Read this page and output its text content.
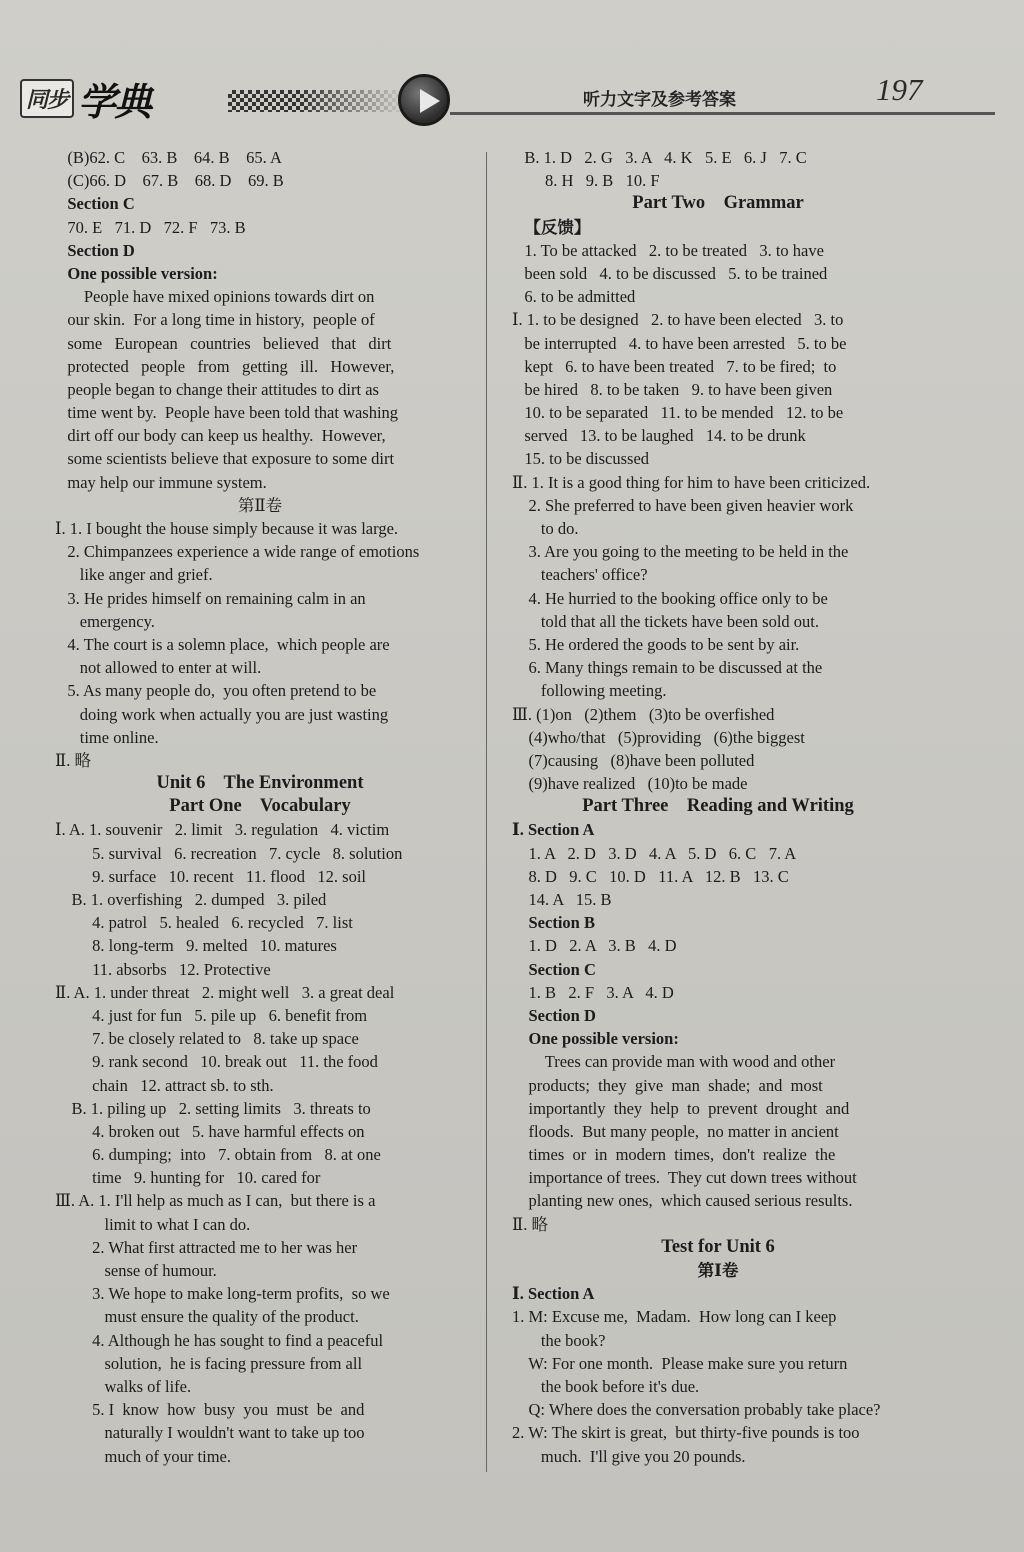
同步 学典	听力文字及参考答案	197
(B)62. C    63. B    64. B    65. A
(C)66. D    67. B    68. D    69. B
Section C
70. E   71. D   72. F   73. B
Section D
One possible version:
People have mixed opinions towards dirt on
our skin.  For a long time in history,  people of
some   European   countries   believed   that   dirt
protected   people   from   getting   ill.   However,
people began to change their attitudes to dirt as
time went by.  People have been told that washing
dirt off our body can keep us healthy.  However,
some scientists believe that exposure to some dirt
may help our immune system.
第Ⅱ卷
Ⅰ. 1. I bought the house simply because it was large.
2. Chimpanzees experience a wide range of emotions
like anger and grief.
3. He prides himself on remaining calm in an
emergency.
4. The court is a solemn place,  which people are
not allowed to enter at will.
5. As many people do,  you often pretend to be
doing work when actually you are just wasting
time online.
Ⅱ. 略
Unit 6    The Environment
Part One    Vocabulary
Ⅰ. A. 1. souvenir   2. limit   3. regulation   4. victim
5. survival   6. recreation   7. cycle   8. solution
9. surface   10. recent   11. flood   12. soil
B. 1. overfishing   2. dumped   3. piled
4. patrol   5. healed   6. recycled   7. list
8. long-term   9. melted   10. matures
11. absorbs   12. Protective
Ⅱ. A. 1. under threat   2. might well   3. a great deal
4. just for fun   5. pile up   6. benefit from
7. be closely related to   8. take up space
9. rank second   10. break out   11. the food
chain   12. attract sb. to sth.
B. 1. piling up   2. setting limits   3. threats to
4. broken out   5. have harmful effects on
6. dumping;  into   7. obtain from   8. at one
time   9. hunting for   10. cared for
Ⅲ. A. 1. I'll help as much as I can,  but there is a
limit to what I can do.
2. What first attracted me to her was her
sense of humour.
3. We hope to make long-term profits,  so we
must ensure the quality of the product.
4. Although he has sought to find a peaceful
solution,  he is facing pressure from all
walks of life.
5. I  know  how  busy  you  must  be  and
naturally I wouldn't want to take up too
much of your time.
B. 1. D   2. G   3. A   4. K   5. E   6. J   7. C
8. H   9. B   10. F
Part Two    Grammar
【反馈】
1. To be attacked   2. to be treated   3. to have
been sold   4. to be discussed   5. to be trained
6. to be admitted
Ⅰ. 1. to be designed   2. to have been elected   3. to
be interrupted   4. to have been arrested   5. to be
kept   6. to have been treated   7. to be fired;  to
be hired   8. to be taken   9. to have been given
10. to be separated   11. to be mended   12. to be
served   13. to be laughed   14. to be drunk
15. to be discussed
Ⅱ. 1. It is a good thing for him to have been criticized.
2. She preferred to have been given heavier work
to do.
3. Are you going to the meeting to be held in the
teachers' office?
4. He hurried to the booking office only to be
told that all the tickets have been sold out.
5. He ordered the goods to be sent by air.
6. Many things remain to be discussed at the
following meeting.
Ⅲ. (1)on   (2)them   (3)to be overfished
(4)who/that   (5)providing   (6)the biggest
(7)causing   (8)have been polluted
(9)have realized   (10)to be made
Part Three    Reading and Writing
Ⅰ. Section A
1. A   2. D   3. D   4. A   5. D   6. C   7. A
8. D   9. C   10. D   11. A   12. B   13. C
14. A   15. B
Section B
1. D   2. A   3. B   4. D
Section C
1. B   2. F   3. A   4. D
Section D
One possible version:
Trees can provide man with wood and other
products;  they  give  man  shade;  and  most
importantly  they  help  to  prevent  drought  and
floods.  But many people,  no matter in ancient
times  or  in  modern  times,  don't  realize  the
importance of trees.  They cut down trees without
planting new ones,  which caused serious results.
Ⅱ. 略
Test for Unit 6
第Ⅰ卷
Ⅰ. Section A
1. M: Excuse me,  Madam.  How long can I keep
the book?
W: For one month.  Please make sure you return
the book before it's due.
Q: Where does the conversation probably take place?
2. W: The skirt is great,  but thirty-five pounds is too
much.  I'll give you 20 pounds.
